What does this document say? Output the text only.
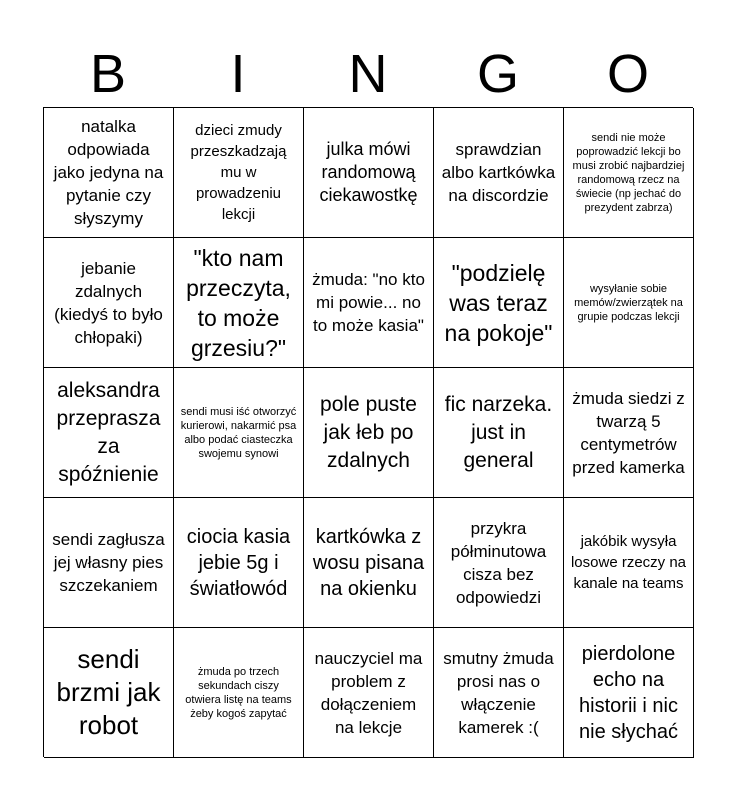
B	I	N	G	O
natalka odpowiada jako jedyna na pytanie czy słyszymy
dzieci zmudy przeszkadzają mu w prowadzeniu lekcji
julka mówi randomową ciekawostkę
sprawdzian albo kartkówka na discordzie
sendi nie może poprowadzić lekcji bo musi zrobić najbardziej randomową rzecz na świecie (np jechać do prezydent zabrza)
jebanie zdalnych (kiedyś to było chłopaki)
"kto nam przeczyta, to może grzesiu?"
żmuda: "no kto mi powie... no to może kasia"
"podzielę was teraz na pokoje"
wysyłanie sobie memów/zwierzątek na grupie podczas lekcji
aleksandra przeprasza za spóźnienie
sendi musi iść otworzyć kurierowi, nakarmić psa albo podać ciasteczka swojemu synowi
pole puste jak łeb po zdalnych
fic narzeka. just in general
żmuda siedzi z twarzą 5 centymetrów przed kamerka
sendi zagłusza jej własny pies szczekaniem
ciocia kasia jebie 5g i światłowód
kartkówka z wosu pisana na okienku
przykra półminutowa cisza bez odpowiedzi
jakóbik wysyła losowe rzeczy na kanale na teams
sendi brzmi jak robot
żmuda po trzech sekundach ciszy otwiera listę na teams żeby kogoś zapytać
nauczyciel ma problem z dołączeniem na lekcje
smutny żmuda prosi nas o włączenie kamerek :(
pierdolone echo na historii i nic nie słychać
